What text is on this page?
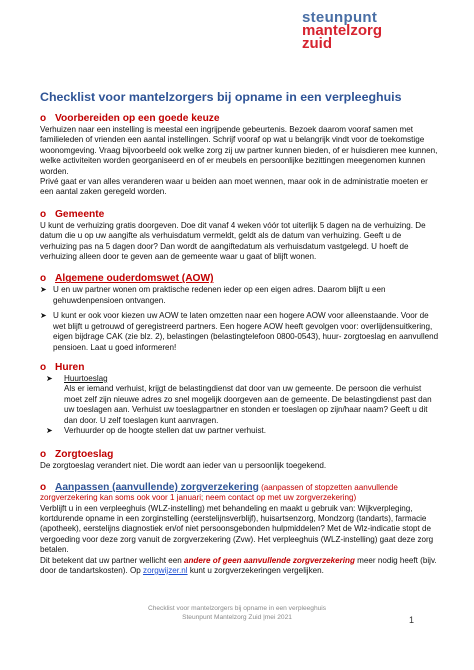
steunpunt
mantelzorg
zuid
Checklist voor mantelzorgers bij opname in een verpleeghuis
o Voorbereiden op een goede keuze

Verhuizen naar een instelling is meestal een ingrijpende gebeurtenis. Bezoek daarom vooraf samen met familieleden of vrienden een aantal instellingen. Schrijf vooraf op wat u belangrijk vindt voor de toekomstige woonomgeving. Vraag bijvoorbeeld ook welke zorg zij uw partner kunnen bieden, of er huisdieren mee kunnen, welke activiteiten worden georganiseerd en of er meubels en persoonlijke bezittingen meegenomen kunnen worden.

Privé gaat er van alles veranderen waar u beiden aan moet wennen, maar ook in de administratie moeten er een aantal zaken geregeld worden.

o Gemeente

U kunt de verhuizing gratis doorgeven. Doe dit vanaf 4 weken vóór tot uiterlijk 5 dagen na de verhuizing. De datum die u op uw aangifte als verhuisdatum vermeldt, geldt als de datum van verhuizing. Geeft u de verhuizing pas na 5 dagen door? Dan wordt de aangiftedatum als verhuisdatum vastgelegd. U hoeft de verhuizing alleen door te geven aan de gemeente waar u gaat of blijft wonen.

o Algemene ouderdomswet (AOW)
➤ U en uw partner wonen om praktische redenen ieder op een eigen adres. Daarom blijft u een gehuwdenpensioen ontvangen.
➤ U kunt er ook voor kiezen uw AOW te laten omzetten naar een hogere AOW voor alleenstaande. Voor de wet blijft u getrouwd of geregistreerd partners. Een hogere AOW heeft gevolgen voor: overlijdensuitkering, eigen bijdrage CAK (zie blz. 2), belastingen (belastingtelefoon 0800-0543), huur- zorgtoeslag en aanvullend pensioen. Laat u goed informeren!
o Huren
➤	Huurtoeslag

Als er iemand verhuist, krijgt de belastingdienst dat door van uw gemeente. De persoon die verhuist moet zelf zijn nieuwe adres zo snel mogelijk doorgeven aan de gemeente. De belastingdienst past dan uw toeslagen aan. Verhuist uw toeslagpartner en stonden er toeslagen op zijn/haar naam? Geeft u dit dan door. U zelf toeslagen kunt aanvragen.

➤	Verhuurder op de hoogte stellen dat uw partner verhuist.
o Zorgtoeslag

De zorgtoeslag verandert niet. Die wordt aan ieder van u persoonlijk toegekend.

o Aanpassen (aanvullende) zorgverzekering (aanpassen of stopzetten aanvullende zorgverzekering kan soms ook voor 1 januari; neem contact op met uw zorgverzekering)

Verblijft u in een verpleeghuis (WLZ-instelling) met behandeling en maakt u gebruik van: Wijkverpleging, kortdurende opname in een zorginstelling (eerstelijnsverblijf), huisartsenzorg, Mondzorg (tandarts), farmacie (apotheek), eerstelijns diagnostiek en/of niet persoonsgebonden hulpmiddelen? Met de Wlz-indicatie stopt de vergoeding voor deze zorg vanuit de zorgverzekering (Zvw). Het verpleeghuis (WLZ-instelling) gaat deze zorg betalen.

Dit betekent dat uw partner wellicht een andere of geen aanvullende zorgverzekering meer nodig heeft (bijv. door de tandartskosten). Op zorgwijzer.nl kunt u zorgverzekeringen vergelijken.

Checklist voor mantelzorgers bij opname in een verpleeghuis
Steunpunt Mantelzorg Zuid |mei 2021	1
